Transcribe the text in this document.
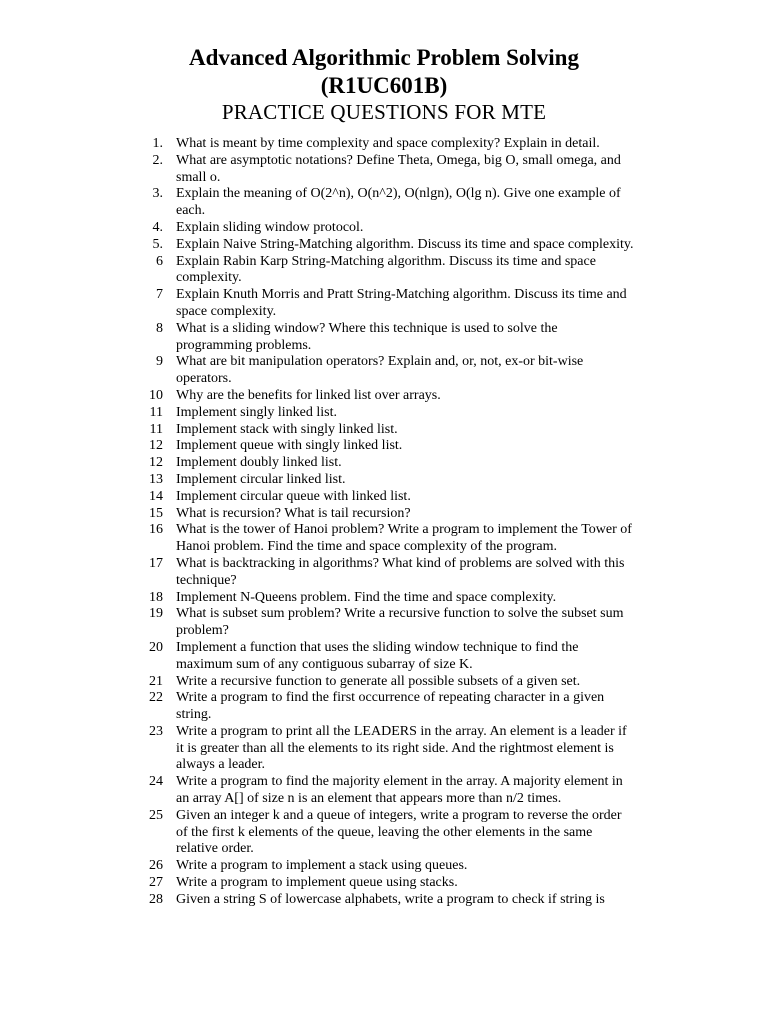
Advanced Algorithmic Problem Solving
(R1UC601B)
PRACTICE QUESTIONS FOR MTE
1. What is meant by time complexity and space complexity? Explain in detail.
2. What are asymptotic notations? Define Theta, Omega, big O, small omega, and small o.
3. Explain the meaning of O(2^n), O(n^2), O(nlgn), O(lg n). Give one example of each.
4. Explain sliding window protocol.
5. Explain Naive String-Matching algorithm. Discuss its time and space complexity.
6 Explain Rabin Karp String-Matching algorithm. Discuss its time and space complexity.
7 Explain Knuth Morris and Pratt String-Matching algorithm. Discuss its time and space complexity.
8 What is a sliding window? Where this technique is used to solve the programming problems.
9 What are bit manipulation operators? Explain and, or, not, ex-or bit-wise operators.
10 Why are the benefits for linked list over arrays.
11 Implement singly linked list.
11 Implement stack with singly linked list.
12 Implement queue with singly linked list.
12 Implement doubly linked list.
13 Implement circular linked list.
14 Implement circular queue with linked list.
15 What is recursion? What is tail recursion?
16 What is the tower of Hanoi problem? Write a program to implement the Tower of Hanoi problem. Find the time and space complexity of the program.
17 What is backtracking in algorithms? What kind of problems are solved with this technique?
18 Implement N-Queens problem. Find the time and space complexity.
19 What is subset sum problem? Write a recursive function to solve the subset sum problem?
20 Implement a function that uses the sliding window technique to find the maximum sum of any contiguous subarray of size K.
21 Write a recursive function to generate all possible subsets of a given set.
22 Write a program to find the first occurrence of repeating character in a given string.
23 Write a program to print all the LEADERS in the array. An element is a leader if it is greater than all the elements to its right side. And the rightmost element is always a leader.
24 Write a program to find the majority element in the array. A majority element in an array A[] of size n is an element that appears more than n/2 times.
25 Given an integer k and a queue of integers, write a program to reverse the order of the first k elements of the queue, leaving the other elements in the same relative order.
26 Write a program to implement a stack using queues.
27 Write a program to implement queue using stacks.
28 Given a string S of lowercase alphabets, write a program to check if string is
